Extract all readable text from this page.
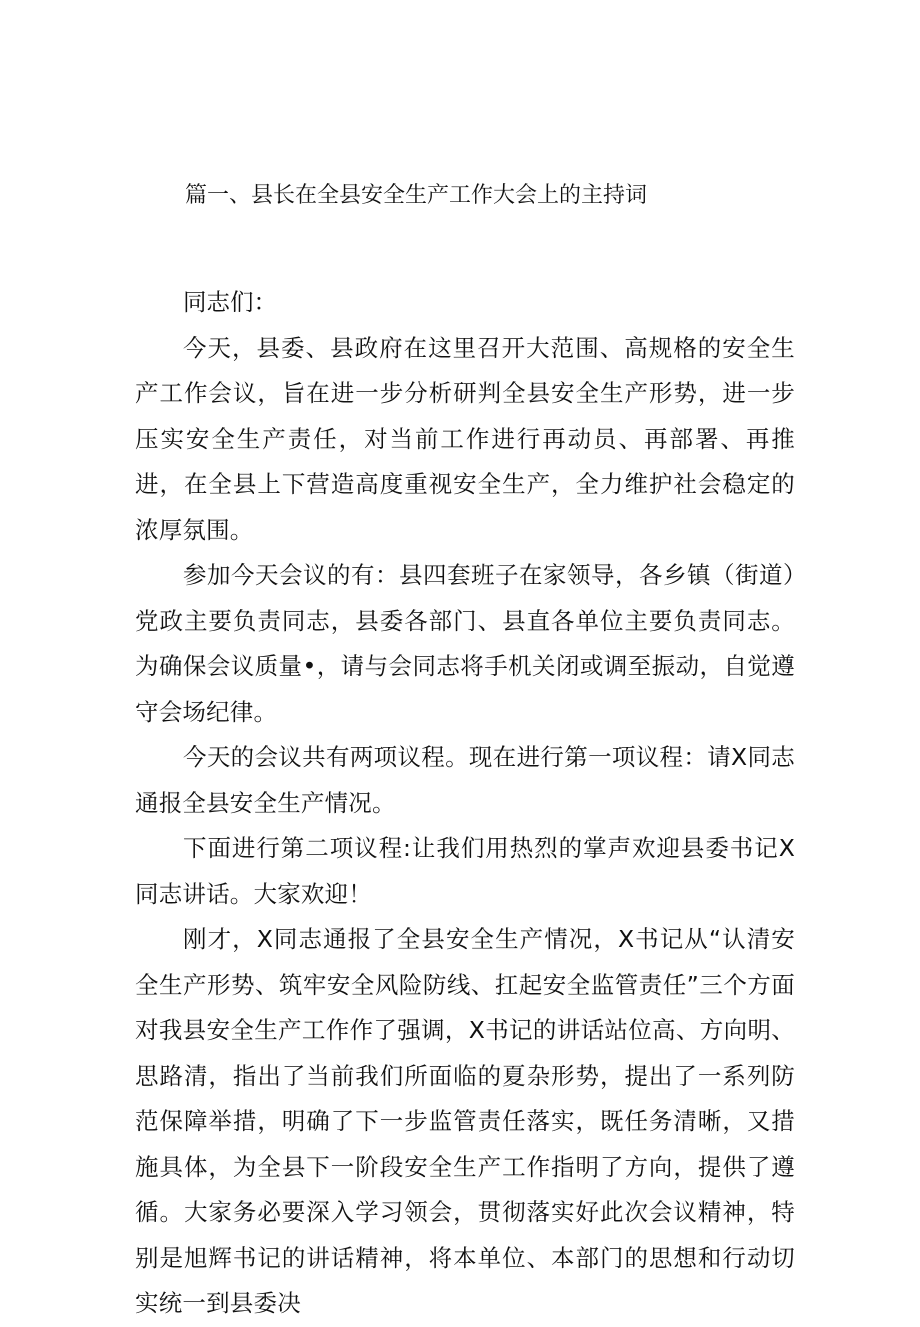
篇一、县长在全县安全生产工作大会上的主持词

同志们：

今天，县委、县政府在这里召开大范围、高规格的安全生产工作会议，旨在进一步分析研判全县安全生产形势，进一步压实安全生产责任，对当前工作进行再动员、再部署、再推进，在全县上下营造高度重视安全生产，全力维护社会稳定的浓厚氛围。

参加今天会议的有：县四套班子在家领导，各乡镇（街道）党政主要负责同志，县委各部门、县直各单位主要负责同志。为确保会议质量•，请与会同志将手机关闭或调至振动，自觉遵守会场纪律。

今天的会议共有两项议程。现在进行第一项议程：请X同志通报全县安全生产情况。

下面进行第二项议程:让我们用热烈的掌声欢迎县委书记X同志讲话。大家欢迎！

刚才，X同志通报了全县安全生产情况，X书记从“认清安全生产形势、筑牢安全风险防线、扛起安全监管责任”三个方面对我县安全生产工作作了强调，X书记的讲话站位高、方向明、思路清，指出了当前我们所面临的夏杂形势，提出了一系列防范保障举措，明确了下一步监管责任落实，既任务清晰，又措施具体，为全县下一阶段安全生产工作指明了方向，提供了遵循。大家务必要深入学习领会，贯彻落实好此次会议精神，特别是旭辉书记的讲话精神，将本单位、本部门的思想和行动切实统一到县委决
